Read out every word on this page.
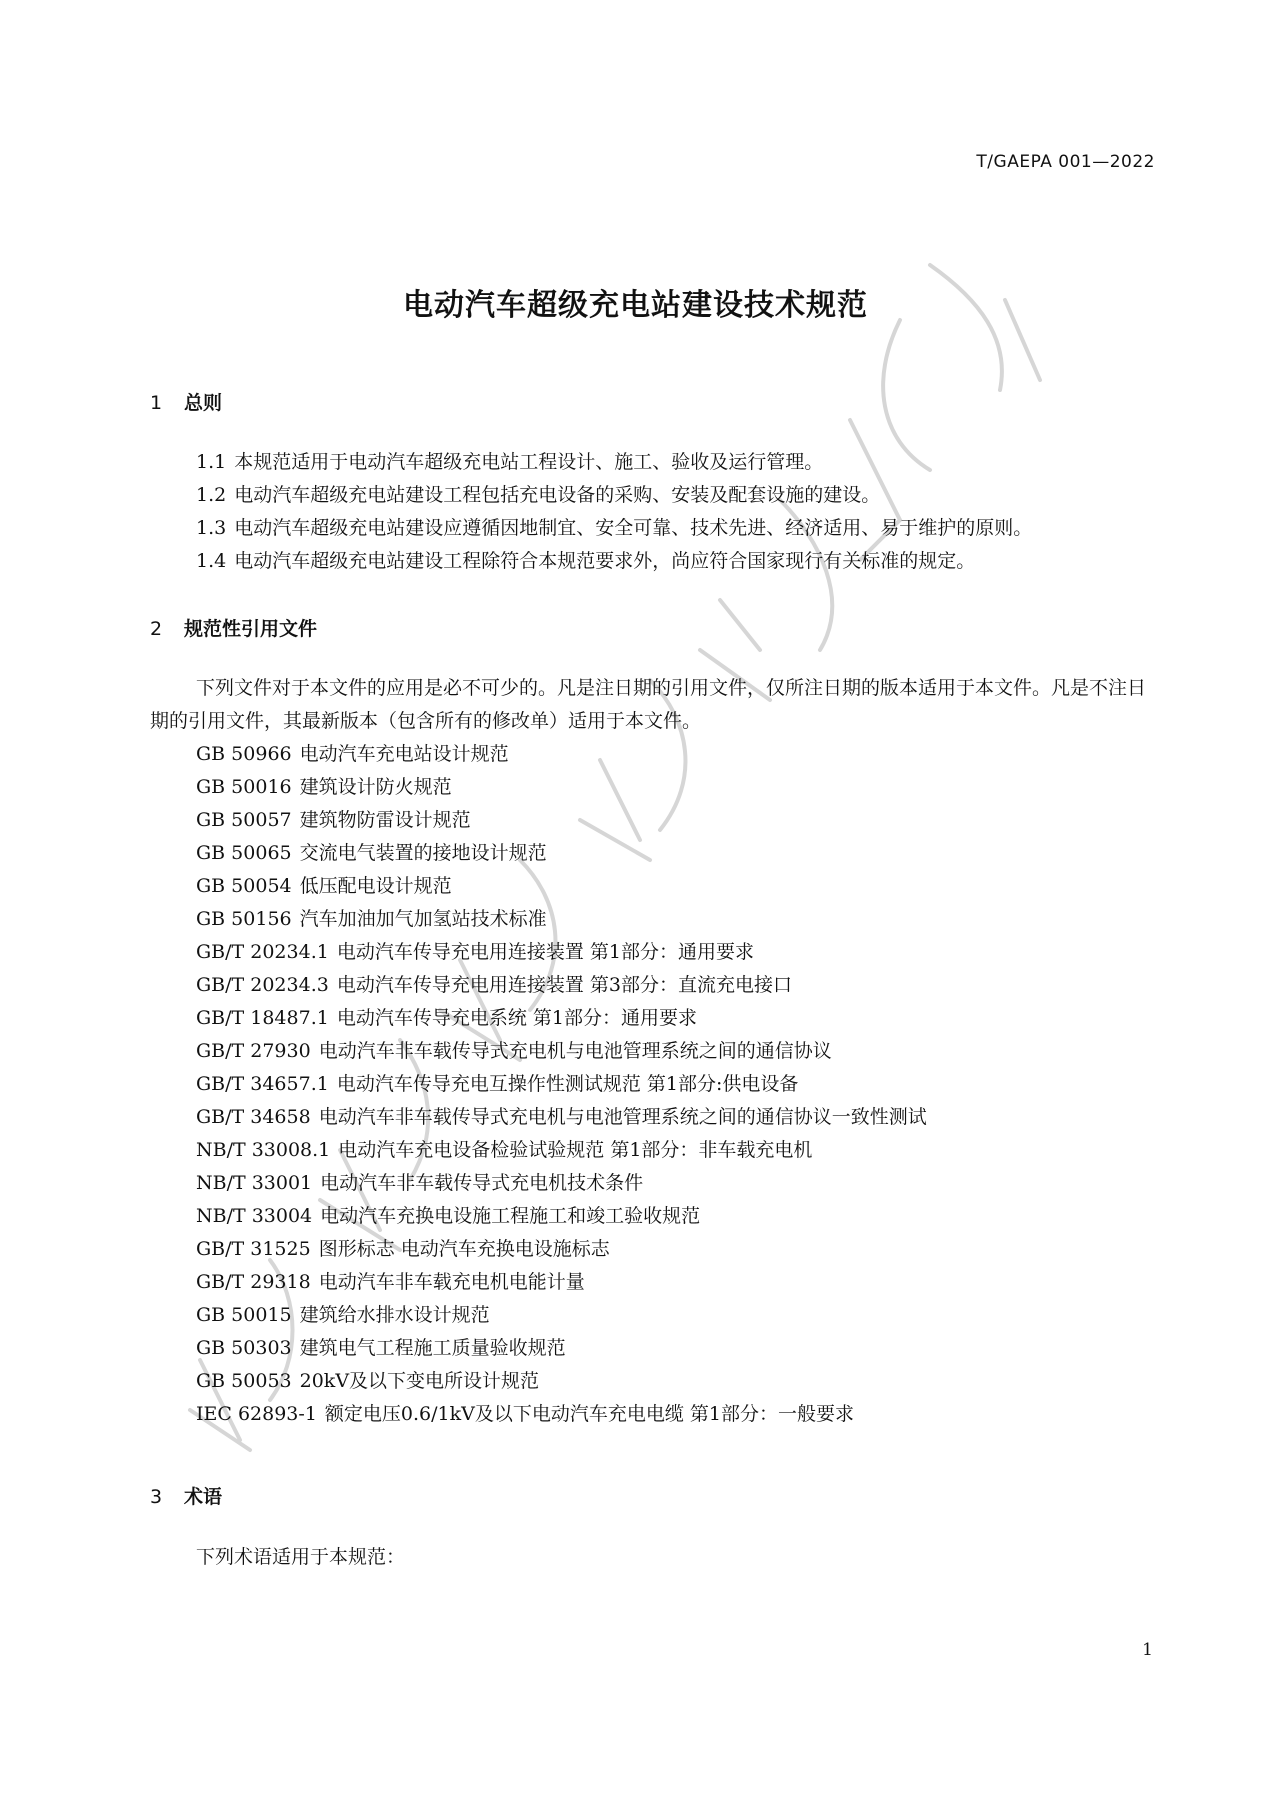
T/GAEPA 001—2022
电动汽车超级充电站建设技术规范
1 总则
1.1 本规范适用于电动汽车超级充电站工程设计、施工、验收及运行管理。
1.2 电动汽车超级充电站建设工程包括充电设备的采购、安装及配套设施的建设。
1.3 电动汽车超级充电站建设应遵循因地制宜、安全可靠、技术先进、经济适用、易于维护的原则。
1.4 电动汽车超级充电站建设工程除符合本规范要求外，尚应符合国家现行有关标准的规定。
2 规范性引用文件

下列文件对于本文件的应用是必不可少的。凡是注日期的引用文件，仅所注日期的版本适用于本文件。凡是不注日期的引用文件，其最新版本（包含所有的修改单）适用于本文件。

GB 50966 电动汽车充电站设计规范
GB 50016 建筑设计防火规范
GB 50057 建筑物防雷设计规范
GB 50065 交流电气装置的接地设计规范
GB 50054 低压配电设计规范
GB 50156 汽车加油加气加氢站技术标准
GB/T 20234.1 电动汽车传导充电用连接装置 第1部分：通用要求
GB/T 20234.3 电动汽车传导充电用连接装置 第3部分：直流充电接口
GB/T 18487.1 电动汽车传导充电系统 第1部分：通用要求
GB/T 27930 电动汽车非车载传导式充电机与电池管理系统之间的通信协议
GB/T 34657.1 电动汽车传导充电互操作性测试规范 第1部分:供电设备
GB/T 34658 电动汽车非车载传导式充电机与电池管理系统之间的通信协议一致性测试
NB/T 33008.1 电动汽车充电设备检验试验规范 第1部分：非车载充电机
NB/T 33001 电动汽车非车载传导式充电机技术条件
NB/T 33004 电动汽车充换电设施工程施工和竣工验收规范
GB/T 31525 图形标志 电动汽车充换电设施标志
GB/T 29318 电动汽车非车载充电机电能计量
GB 50015 建筑给水排水设计规范
GB 50303 建筑电气工程施工质量验收规范
GB 50053 20kV及以下变电所设计规范
IEC 62893-1 额定电压0.6/1kV及以下电动汽车充电电缆 第1部分：一般要求
3 术语

下列术语适用于本规范：

1
